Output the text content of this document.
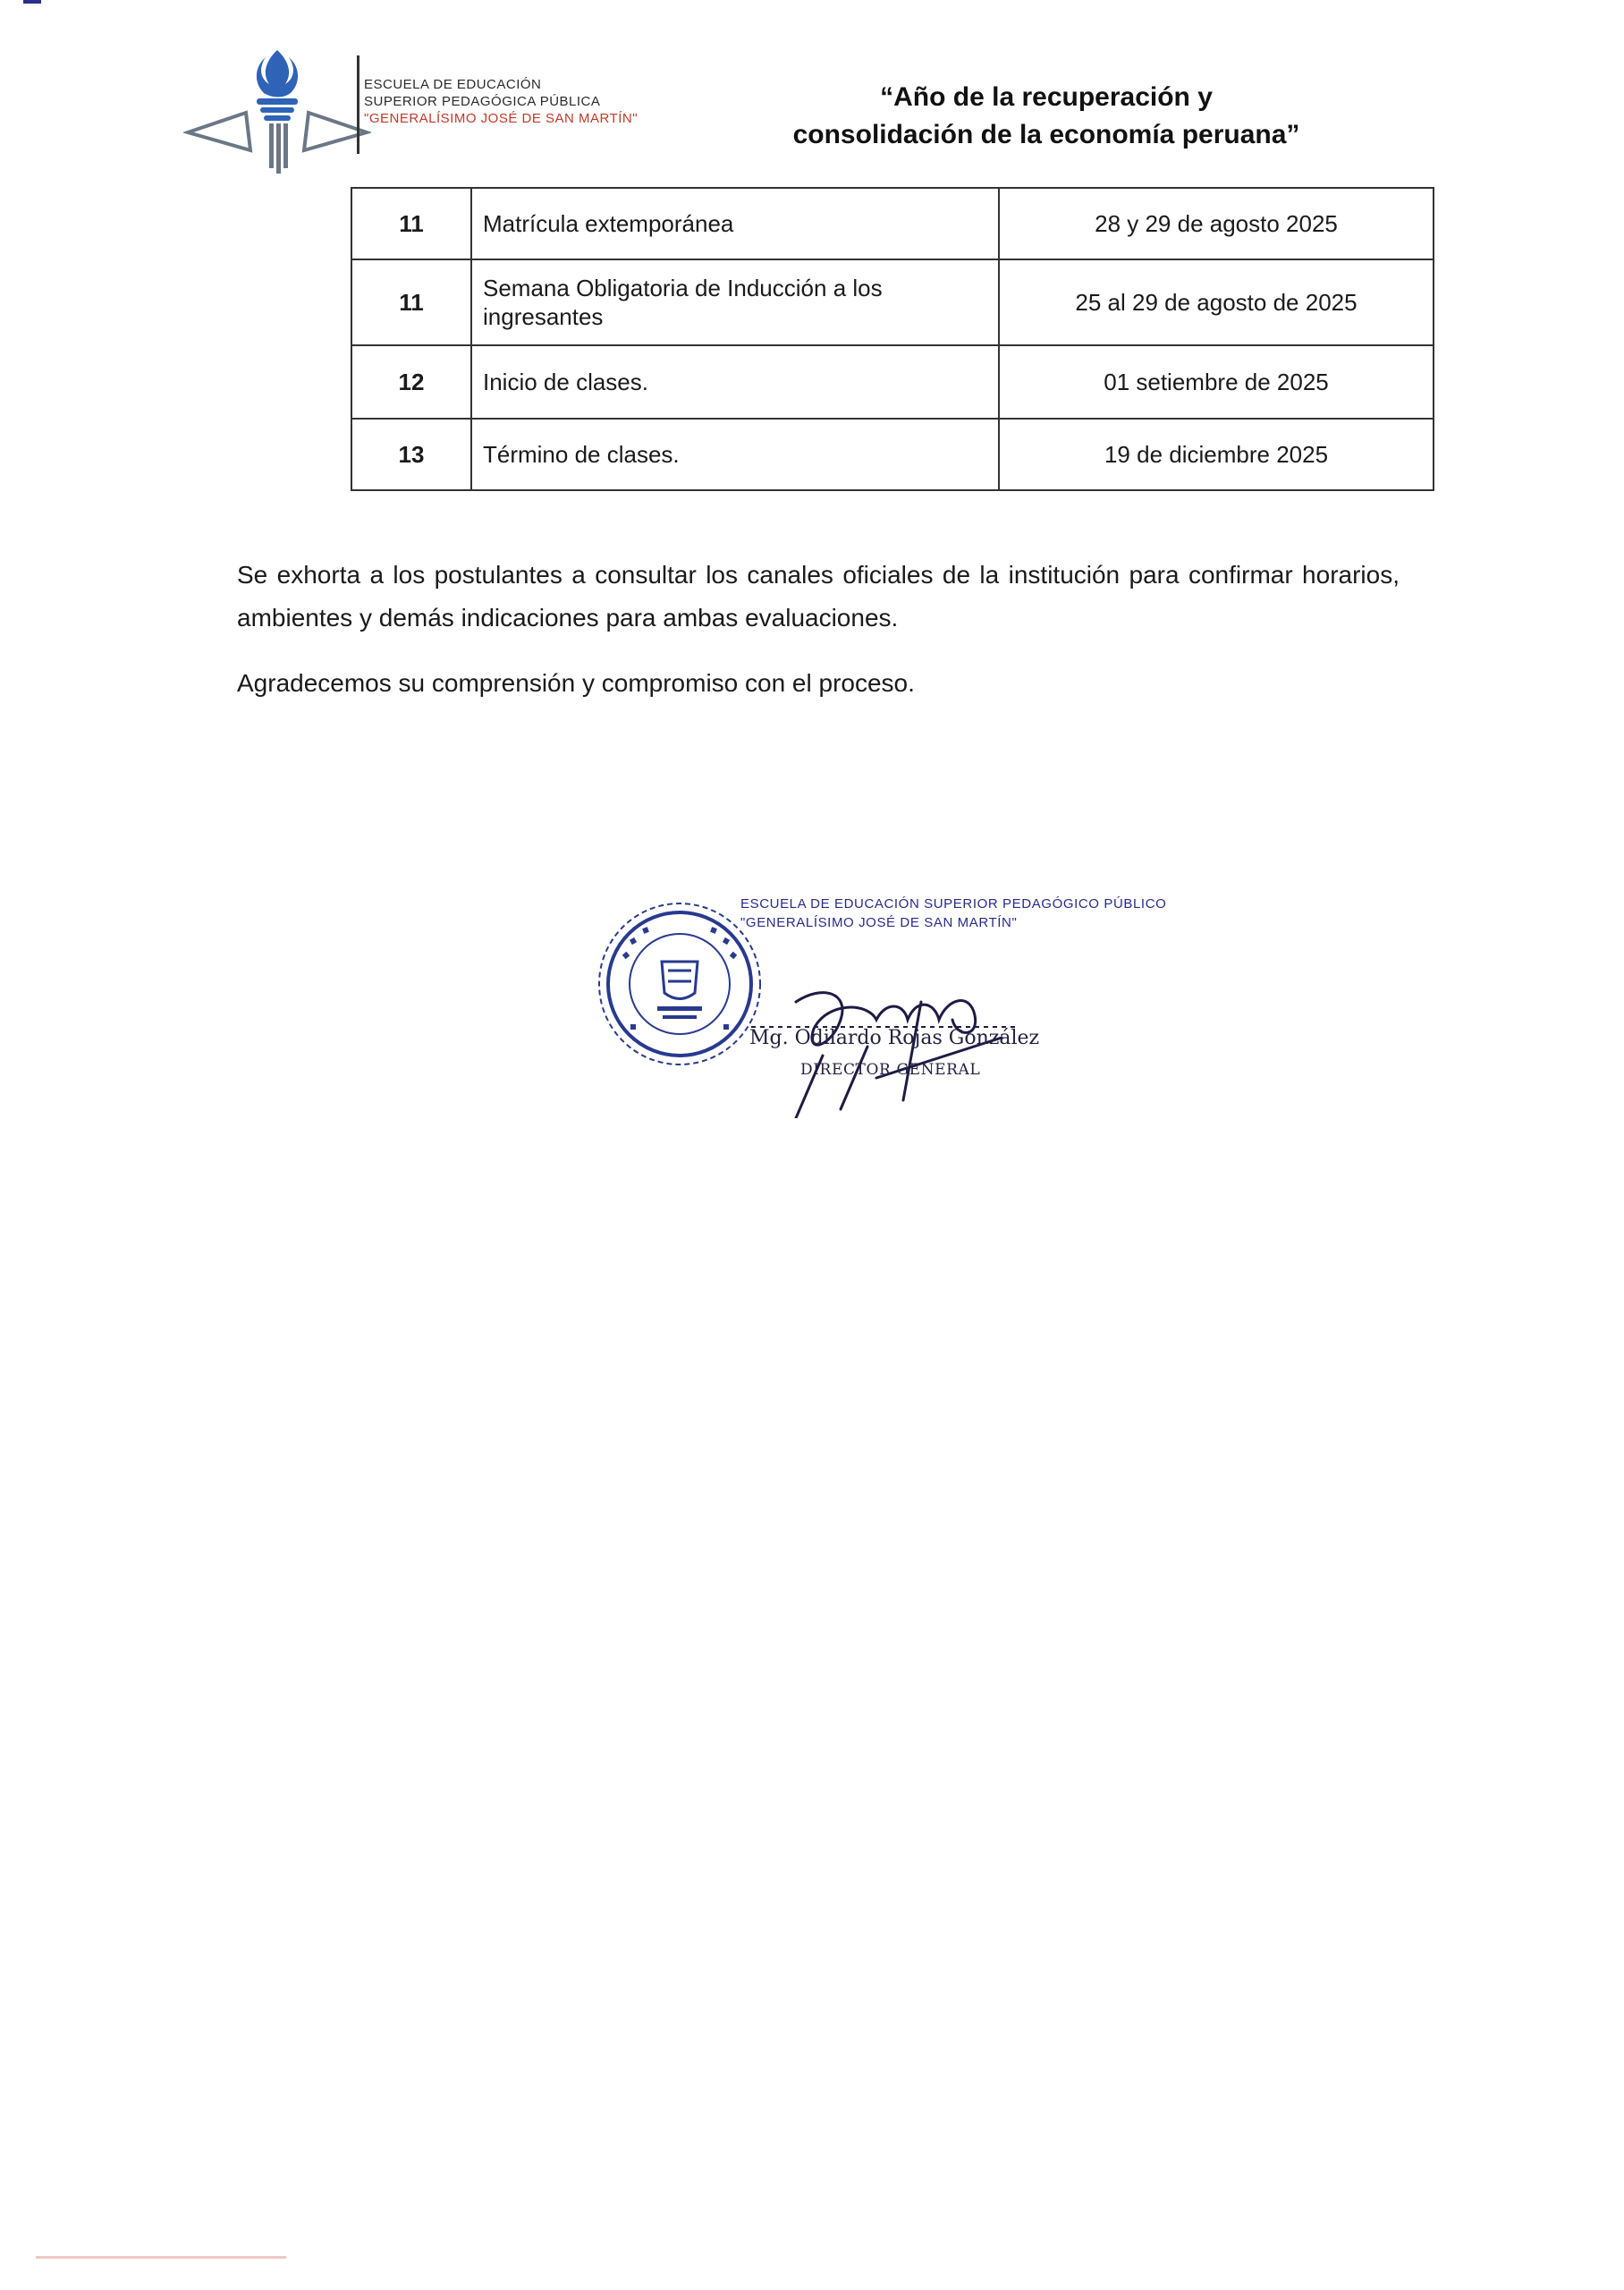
ESCUELA DE EDUCACIÓN
SUPERIOR PEDAGÓGICA PÚBLICA
"GENERALÍSIMO JOSÉ DE SAN MARTÍN"
“Año de la recuperación y
consolidación de la economía peruana”
11	Matrícula extemporánea	28 y 29 de agosto 2025
11	Semana Obligatoria de Inducción a los ingresantes	25 al 29 de agosto de 2025
12	Inicio de clases.	01 setiembre de 2025
13	Término de clases.	19 de diciembre 2025
Se exhorta a los postulantes a consultar los canales oficiales de la institución para confirmar horarios, ambientes y demás indicaciones para ambas evaluaciones.
Agradecemos su comprensión y compromiso con el proceso.
ESCUELA DE EDUCACIÓN SUPERIOR PEDAGÓGICO PÚBLICO
"GENERALÍSIMO JOSÉ DE SAN MARTÍN"
Mg. Odilardo Rojas González
DIRECTOR GENERAL
